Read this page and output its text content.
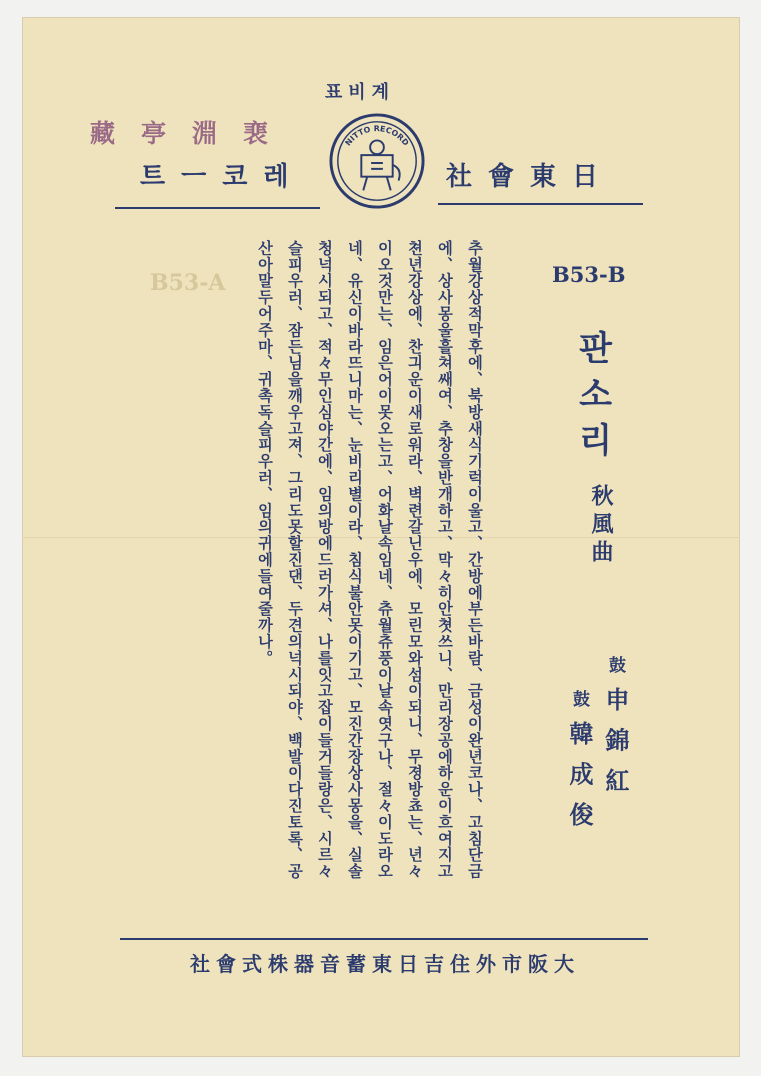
B53-A
표비계
藏亭淵裵
트ㅡ코레	社會東日
NITTO RECORD
B53-B
판소리
秋風曲
鼓 申 錦 紅
鼓 韓 成 俊
추월강상적막후에、북방새식기럭이울고、간방에부든바람、금성이완년코나、고침단금
에、상사몽울흘쳐쌔여、추창을반개하고、막々히안쳣쓰니、만리장공에하운이흐여지고
쳔년강상에、찬긔운이새로워라、벽련갈닌우에、모린모와섬이되니、무졍방쵸는、년々
이오것만는、임은어이못오는고、어화날속임네、츄월츄풍이날속엿구나、절々이도라오
네、유신이바라뜨니마는、눈비리별이라、침식불안못이기고、모진간장상사몽을、실솔
청넉시되고、적々무인심야간에、임의방에드러가셔、나를잇고잡이들거들랑은、시르々
슬피우러、잠든님을깨우고져、그리도못할진댄、두견의넉시되야、백발이다진토록、공
산아말두어주마、귀촉독슬피우러、임의귀에들여줄까나。
社會式株器音蓄東日吉住外市阪大
